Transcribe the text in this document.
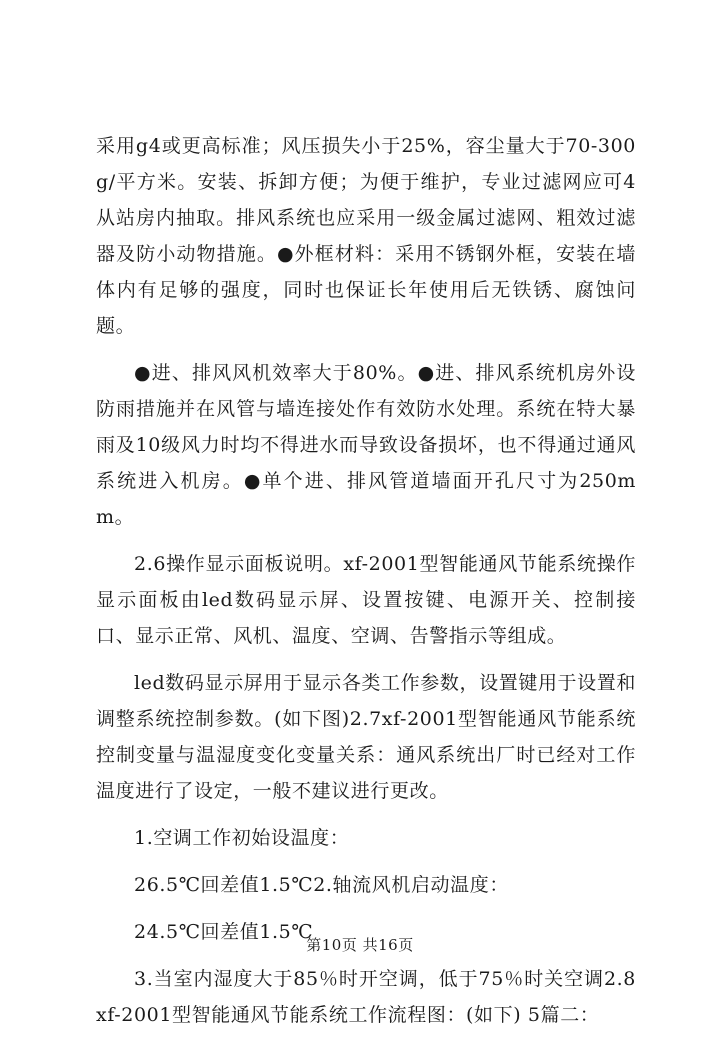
采用g4或更高标准；风压损失小于25%，容尘量大于70-300g/平方米。安装、拆卸方便；为便于维护，专业过滤网应可4从站房内抽取。排风系统也应采用一级金属过滤网、粗效过滤器及防小动物措施。●外框材料：采用不锈钢外框，安装在墙体内有足够的强度，同时也保证长年使用后无铁锈、腐蚀问题。

●进、排风风机效率大于80%。●进、排风系统机房外设防雨措施并在风管与墙连接处作有效防水处理。系统在特大暴雨及10级风力时均不得进水而导致设备损坏，也不得通过通风系统进入机房。●单个进、排风管道墙面开孔尺寸为250mm。

2.6操作显示面板说明。xf-2001型智能通风节能系统操作显示面板由led数码显示屏、设置按键、电源开关、控制接口、显示正常、风机、温度、空调、告警指示等组成。

led数码显示屏用于显示各类工作参数，设置键用于设置和调整系统控制参数。(如下图)2.7xf-2001型智能通风节能系统控制变量与温湿度变化变量关系：通风系统出厂时已经对工作温度进行了设定，一般不建议进行更改。

1.空调工作初始设温度：

26.5℃回差值1.5℃2.轴流风机启动温度：

24.5℃回差值1.5℃

3.当室内湿度大于85％时开空调，低于75％时关空调2.8xf-2001型智能通风节能系统工作流程图：(如下) 5篇二：

第10页 共16页
